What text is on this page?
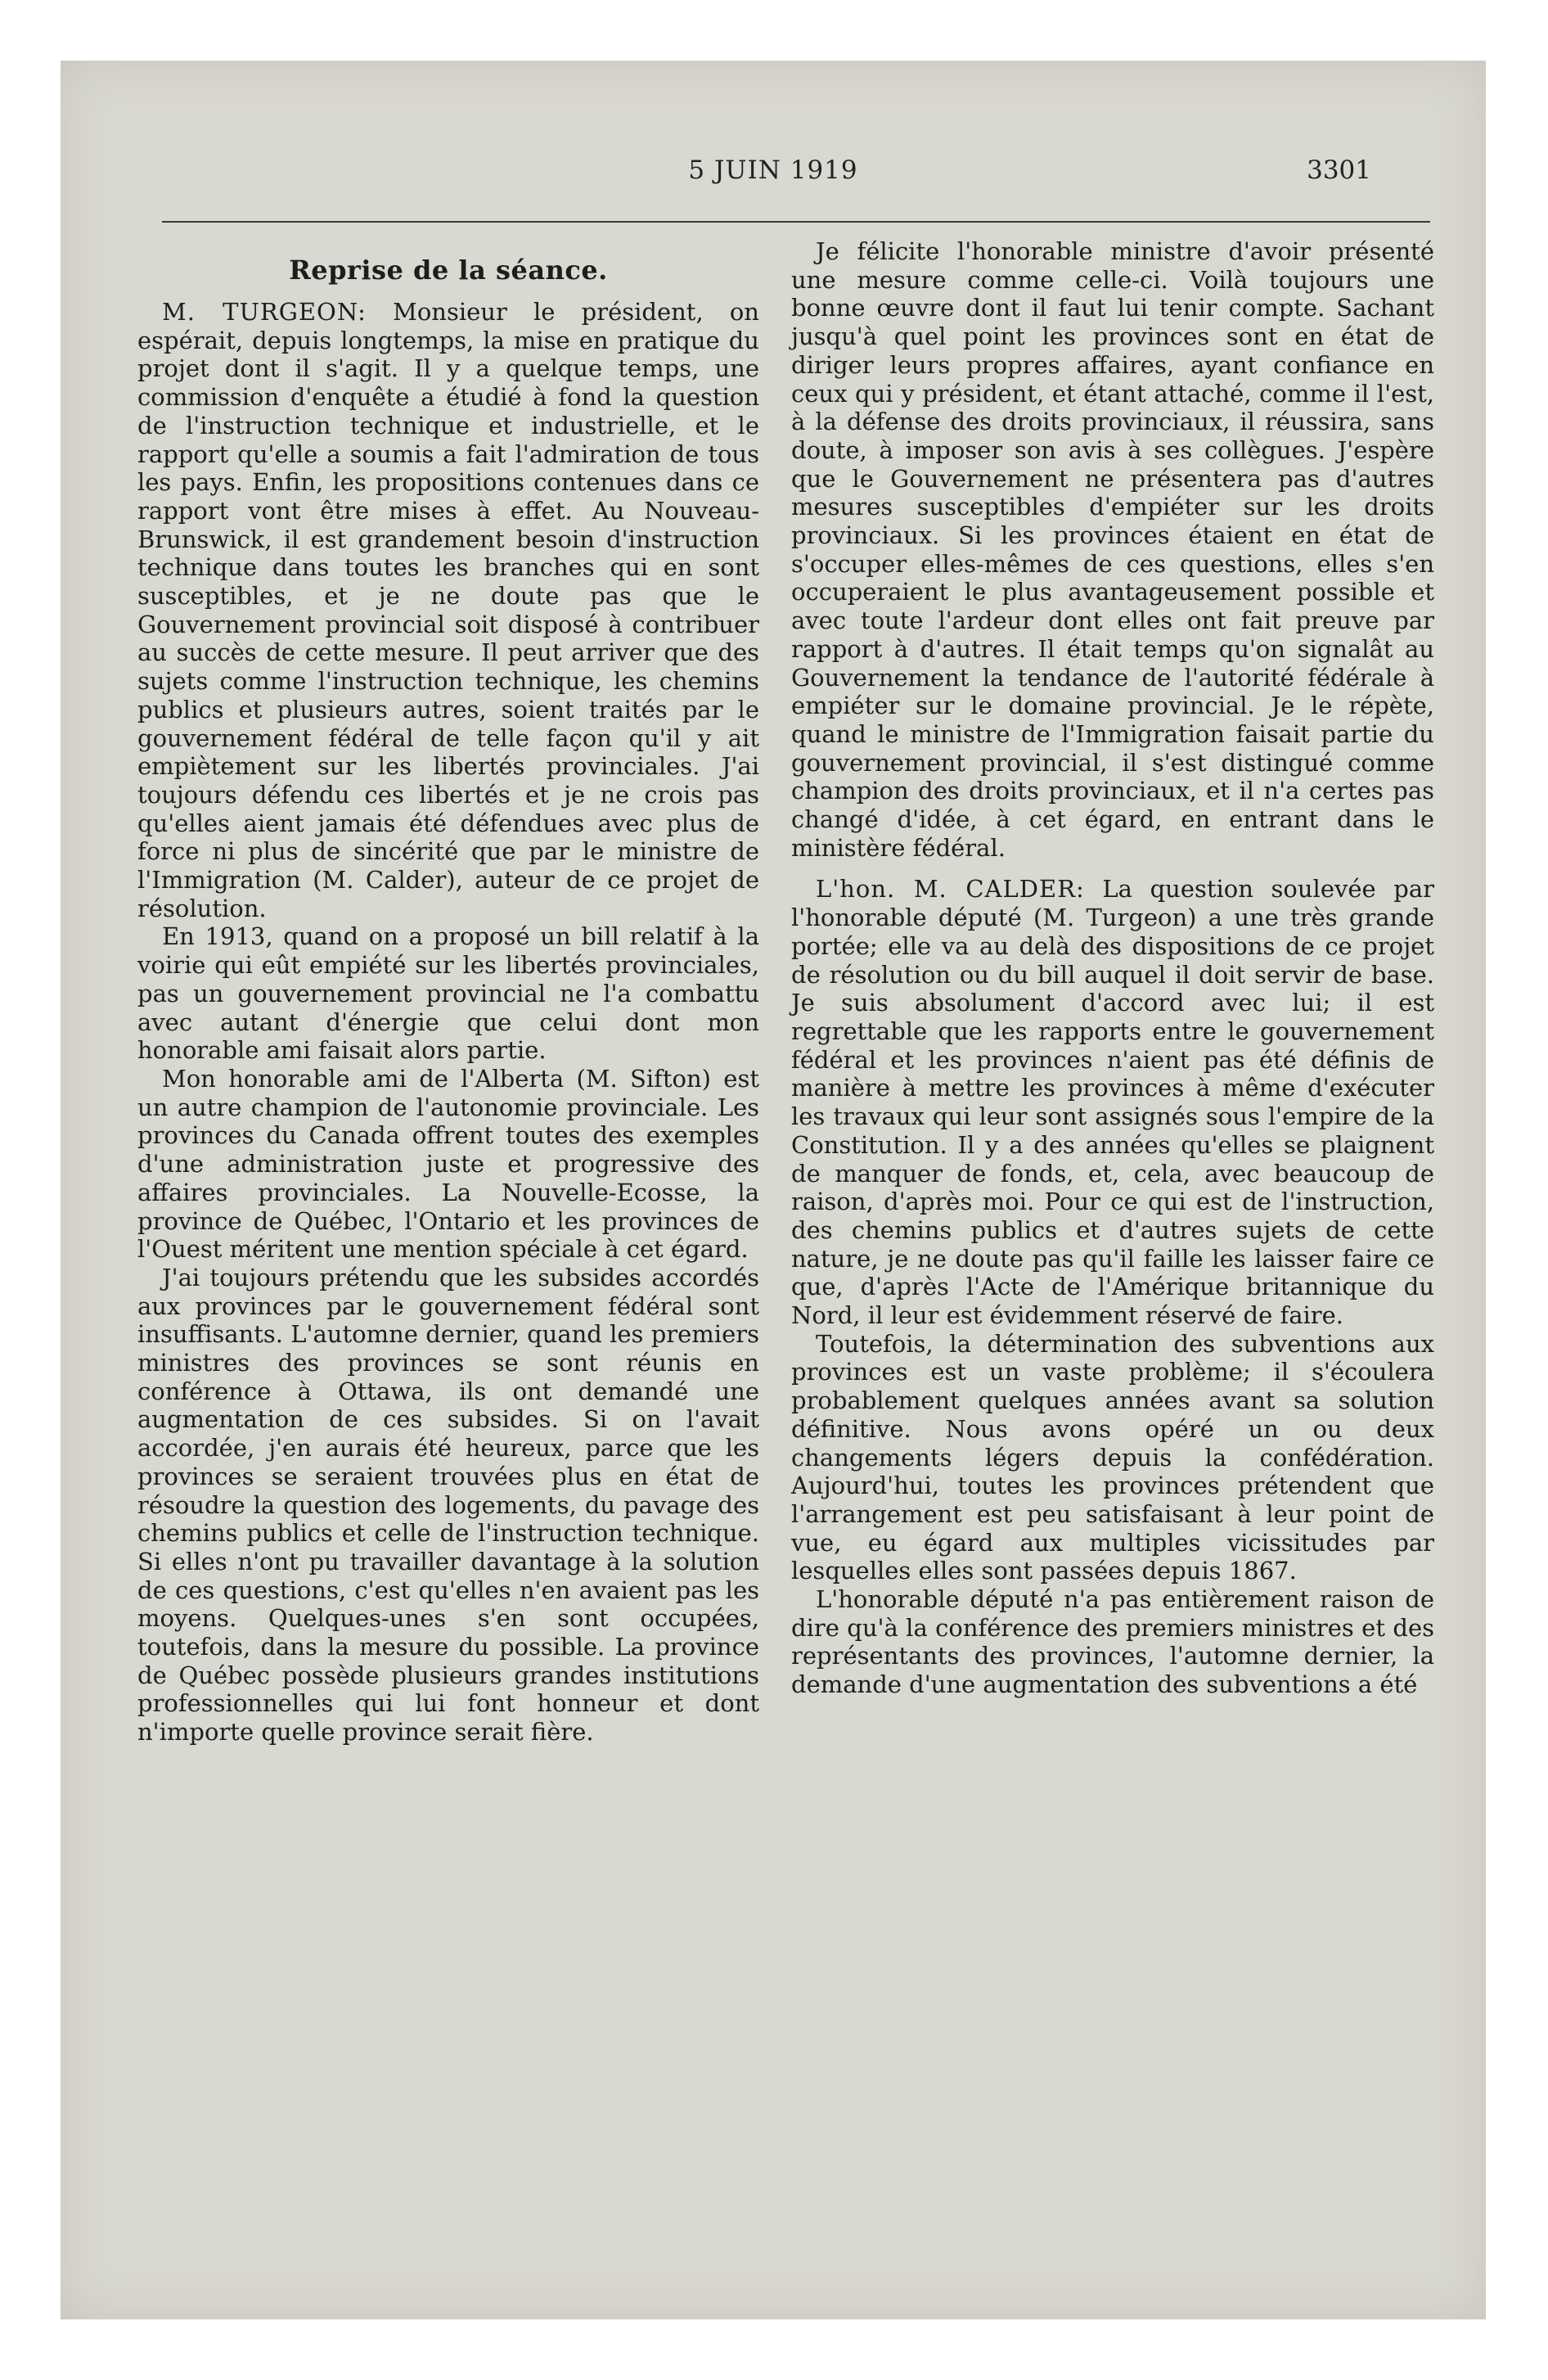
5 JUIN 1919	3301
Reprise de la séance.

M. TURGEON: Monsieur le président, on espérait, depuis longtemps, la mise en pratique du projet dont il s'agit. Il y a quelque temps, une commission d'enquête a étudié à fond la question de l'instruction technique et industrielle, et le rapport qu'elle a soumis a fait l'admiration de tous les pays. Enfin, les propositions contenues dans ce rapport vont être mises à effet. Au Nouveau-Brunswick, il est grandement besoin d'instruction technique dans toutes les branches qui en sont susceptibles, et je ne doute pas que le Gouvernement provincial soit disposé à contribuer au succès de cette mesure. Il peut arriver que des sujets comme l'instruction technique, les chemins publics et plusieurs autres, soient traités par le gouvernement fédéral de telle façon qu'il y ait empiètement sur les libertés provinciales. J'ai toujours défendu ces libertés et je ne crois pas qu'elles aient jamais été défendues avec plus de force ni plus de sincérité que par le ministre de l'Immigration (M. Calder), auteur de ce projet de résolution.

En 1913, quand on a proposé un bill relatif à la voirie qui eût empiété sur les libertés provinciales, pas un gouvernement provincial ne l'a combattu avec autant d'énergie que celui dont mon honorable ami faisait alors partie.

Mon honorable ami de l'Alberta (M. Sifton) est un autre champion de l'autonomie provinciale. Les provinces du Canada offrent toutes des exemples d'une administration juste et progressive des affaires provinciales. La Nouvelle-Ecosse, la province de Québec, l'Ontario et les provinces de l'Ouest méritent une mention spéciale à cet égard.

J'ai toujours prétendu que les subsides accordés aux provinces par le gouvernement fédéral sont insuffisants. L'automne dernier, quand les premiers ministres des provinces se sont réunis en conférence à Ottawa, ils ont demandé une augmentation de ces subsides. Si on l'avait accordée, j'en aurais été heureux, parce que les provinces se seraient trouvées plus en état de résoudre la question des logements, du pavage des chemins publics et celle de l'instruction technique. Si elles n'ont pu travailler davantage à la solution de ces questions, c'est qu'elles n'en avaient pas les moyens. Quelques-unes s'en sont occupées, toutefois, dans la mesure du possible. La province de Québec possède plusieurs grandes institutions professionnelles qui lui font honneur et dont n'importe quelle province serait fière.

Je félicite l'honorable ministre d'avoir présenté une mesure comme celle-ci. Voilà toujours une bonne œuvre dont il faut lui tenir compte. Sachant jusqu'à quel point les provinces sont en état de diriger leurs propres affaires, ayant confiance en ceux qui y président, et étant attaché, comme il l'est, à la défense des droits provinciaux, il réussira, sans doute, à imposer son avis à ses collègues. J'espère que le Gouvernement ne présentera pas d'autres mesures susceptibles d'empiéter sur les droits provinciaux. Si les provinces étaient en état de s'occuper elles-mêmes de ces questions, elles s'en occuperaient le plus avantageusement possible et avec toute l'ardeur dont elles ont fait preuve par rapport à d'autres. Il était temps qu'on signalât au Gouvernement la tendance de l'autorité fédérale à empiéter sur le domaine provincial. Je le répète, quand le ministre de l'Immigration faisait partie du gouvernement provincial, il s'est distingué comme champion des droits provinciaux, et il n'a certes pas changé d'idée, à cet égard, en entrant dans le ministère fédéral.

L'hon. M. CALDER: La question soulevée par l'honorable député (M. Turgeon) a une très grande portée; elle va au delà des dispositions de ce projet de résolution ou du bill auquel il doit servir de base. Je suis absolument d'accord avec lui; il est regrettable que les rapports entre le gouvernement fédéral et les provinces n'aient pas été définis de manière à mettre les provinces à même d'exécuter les travaux qui leur sont assignés sous l'empire de la Constitution. Il y a des années qu'elles se plaignent de manquer de fonds, et, cela, avec beaucoup de raison, d'après moi. Pour ce qui est de l'instruction, des chemins publics et d'autres sujets de cette nature, je ne doute pas qu'il faille les laisser faire ce que, d'après l'Acte de l'Amérique britannique du Nord, il leur est évidemment réservé de faire.

Toutefois, la détermination des subventions aux provinces est un vaste problème; il s'écoulera probablement quelques années avant sa solution définitive. Nous avons opéré un ou deux changements légers depuis la confédération. Aujourd'hui, toutes les provinces prétendent que l'arrangement est peu satisfaisant à leur point de vue, eu égard aux multiples vicissitudes par lesquelles elles sont passées depuis 1867.

L'honorable député n'a pas entièrement raison de dire qu'à la conférence des premiers ministres et des représentants des provinces, l'automne dernier, la demande d'une augmentation des subventions a été
